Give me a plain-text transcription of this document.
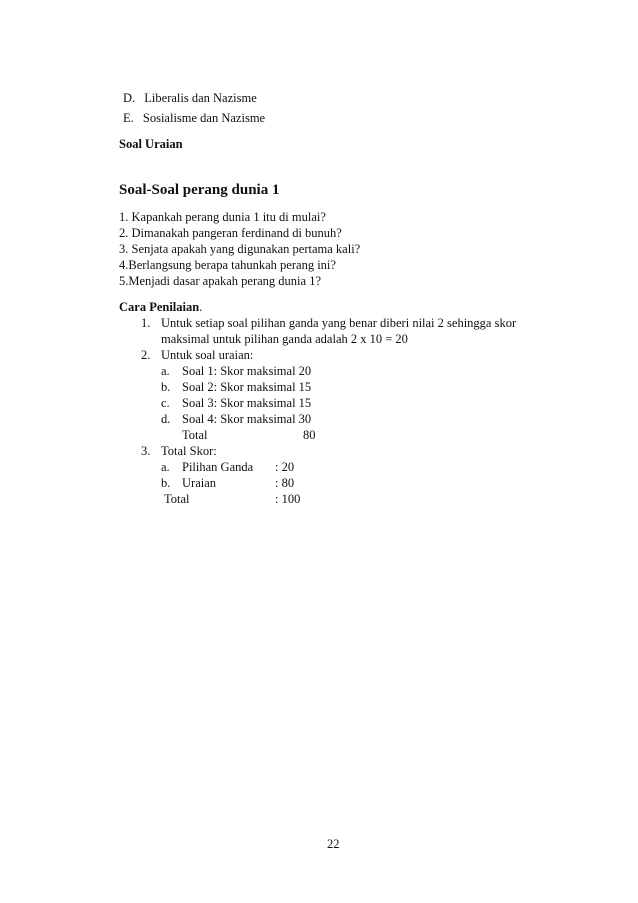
D. Liberalis dan Nazisme
E. Sosialisme dan Nazisme
Soal Uraian
Soal-Soal perang dunia 1
1. Kapankah perang dunia 1 itu di mulai?
2. Dimanakah pangeran ferdinand di bunuh?
3. Senjata apakah yang digunakan pertama kali?
4.Berlangsung berapa tahunkah perang ini?
5.Menjadi dasar apakah perang dunia 1?
Cara Penilaian.
1. Untuk setiap soal pilihan ganda yang benar diberi nilai 2 sehingga skor
maksimal untuk pilihan ganda adalah 2 x 10 = 20
2. Untuk soal uraian:
a. Soal 1: Skor maksimal 20
b. Soal 2: Skor maksimal 15
c. Soal 3: Skor maksimal 15
d. Soal 4: Skor maksimal 30
Total	80
3. Total Skor:
a. Pilihan Ganda : 20
b. Uraian	: 80
Total	: 100
22
